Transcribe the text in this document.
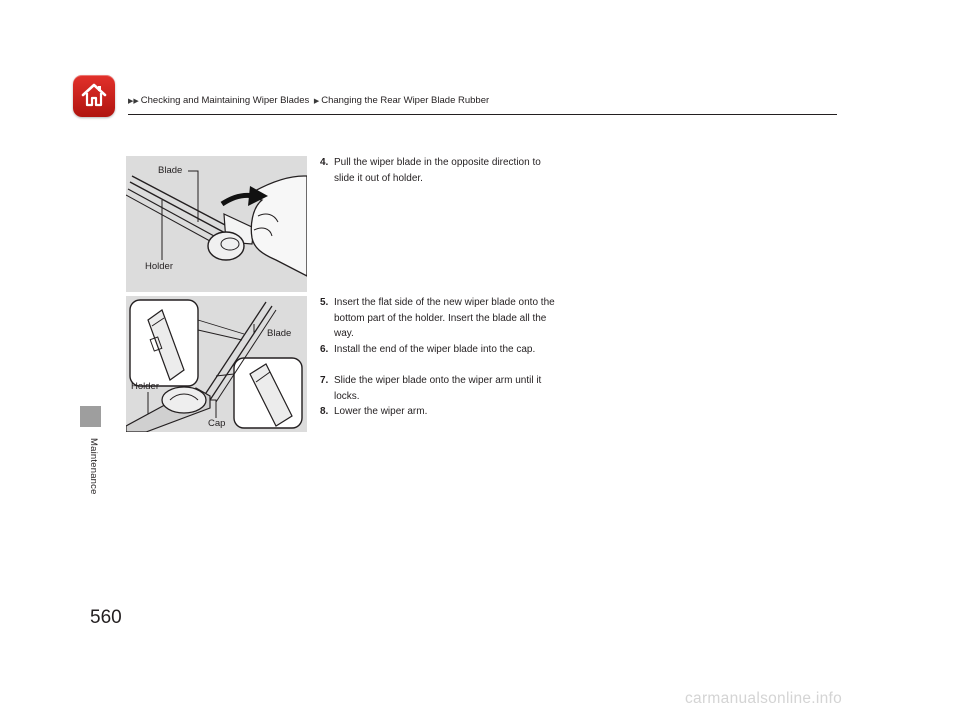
▶▶ Checking and Maintaining Wiper Blades  ▶ Changing the Rear Wiper Blade Rubber
Maintenance
Blade
Holder
Blade
Holder
Cap
4. Pull the wiper blade in the opposite direction to slide it out of holder.
5. Insert the flat side of the new wiper blade onto the bottom part of the holder. Insert the blade all the way.
6. Install the end of the wiper blade into the cap.
7. Slide the wiper blade onto the wiper arm until it locks.
8. Lower the wiper arm.
560
carmanualsonline.info
